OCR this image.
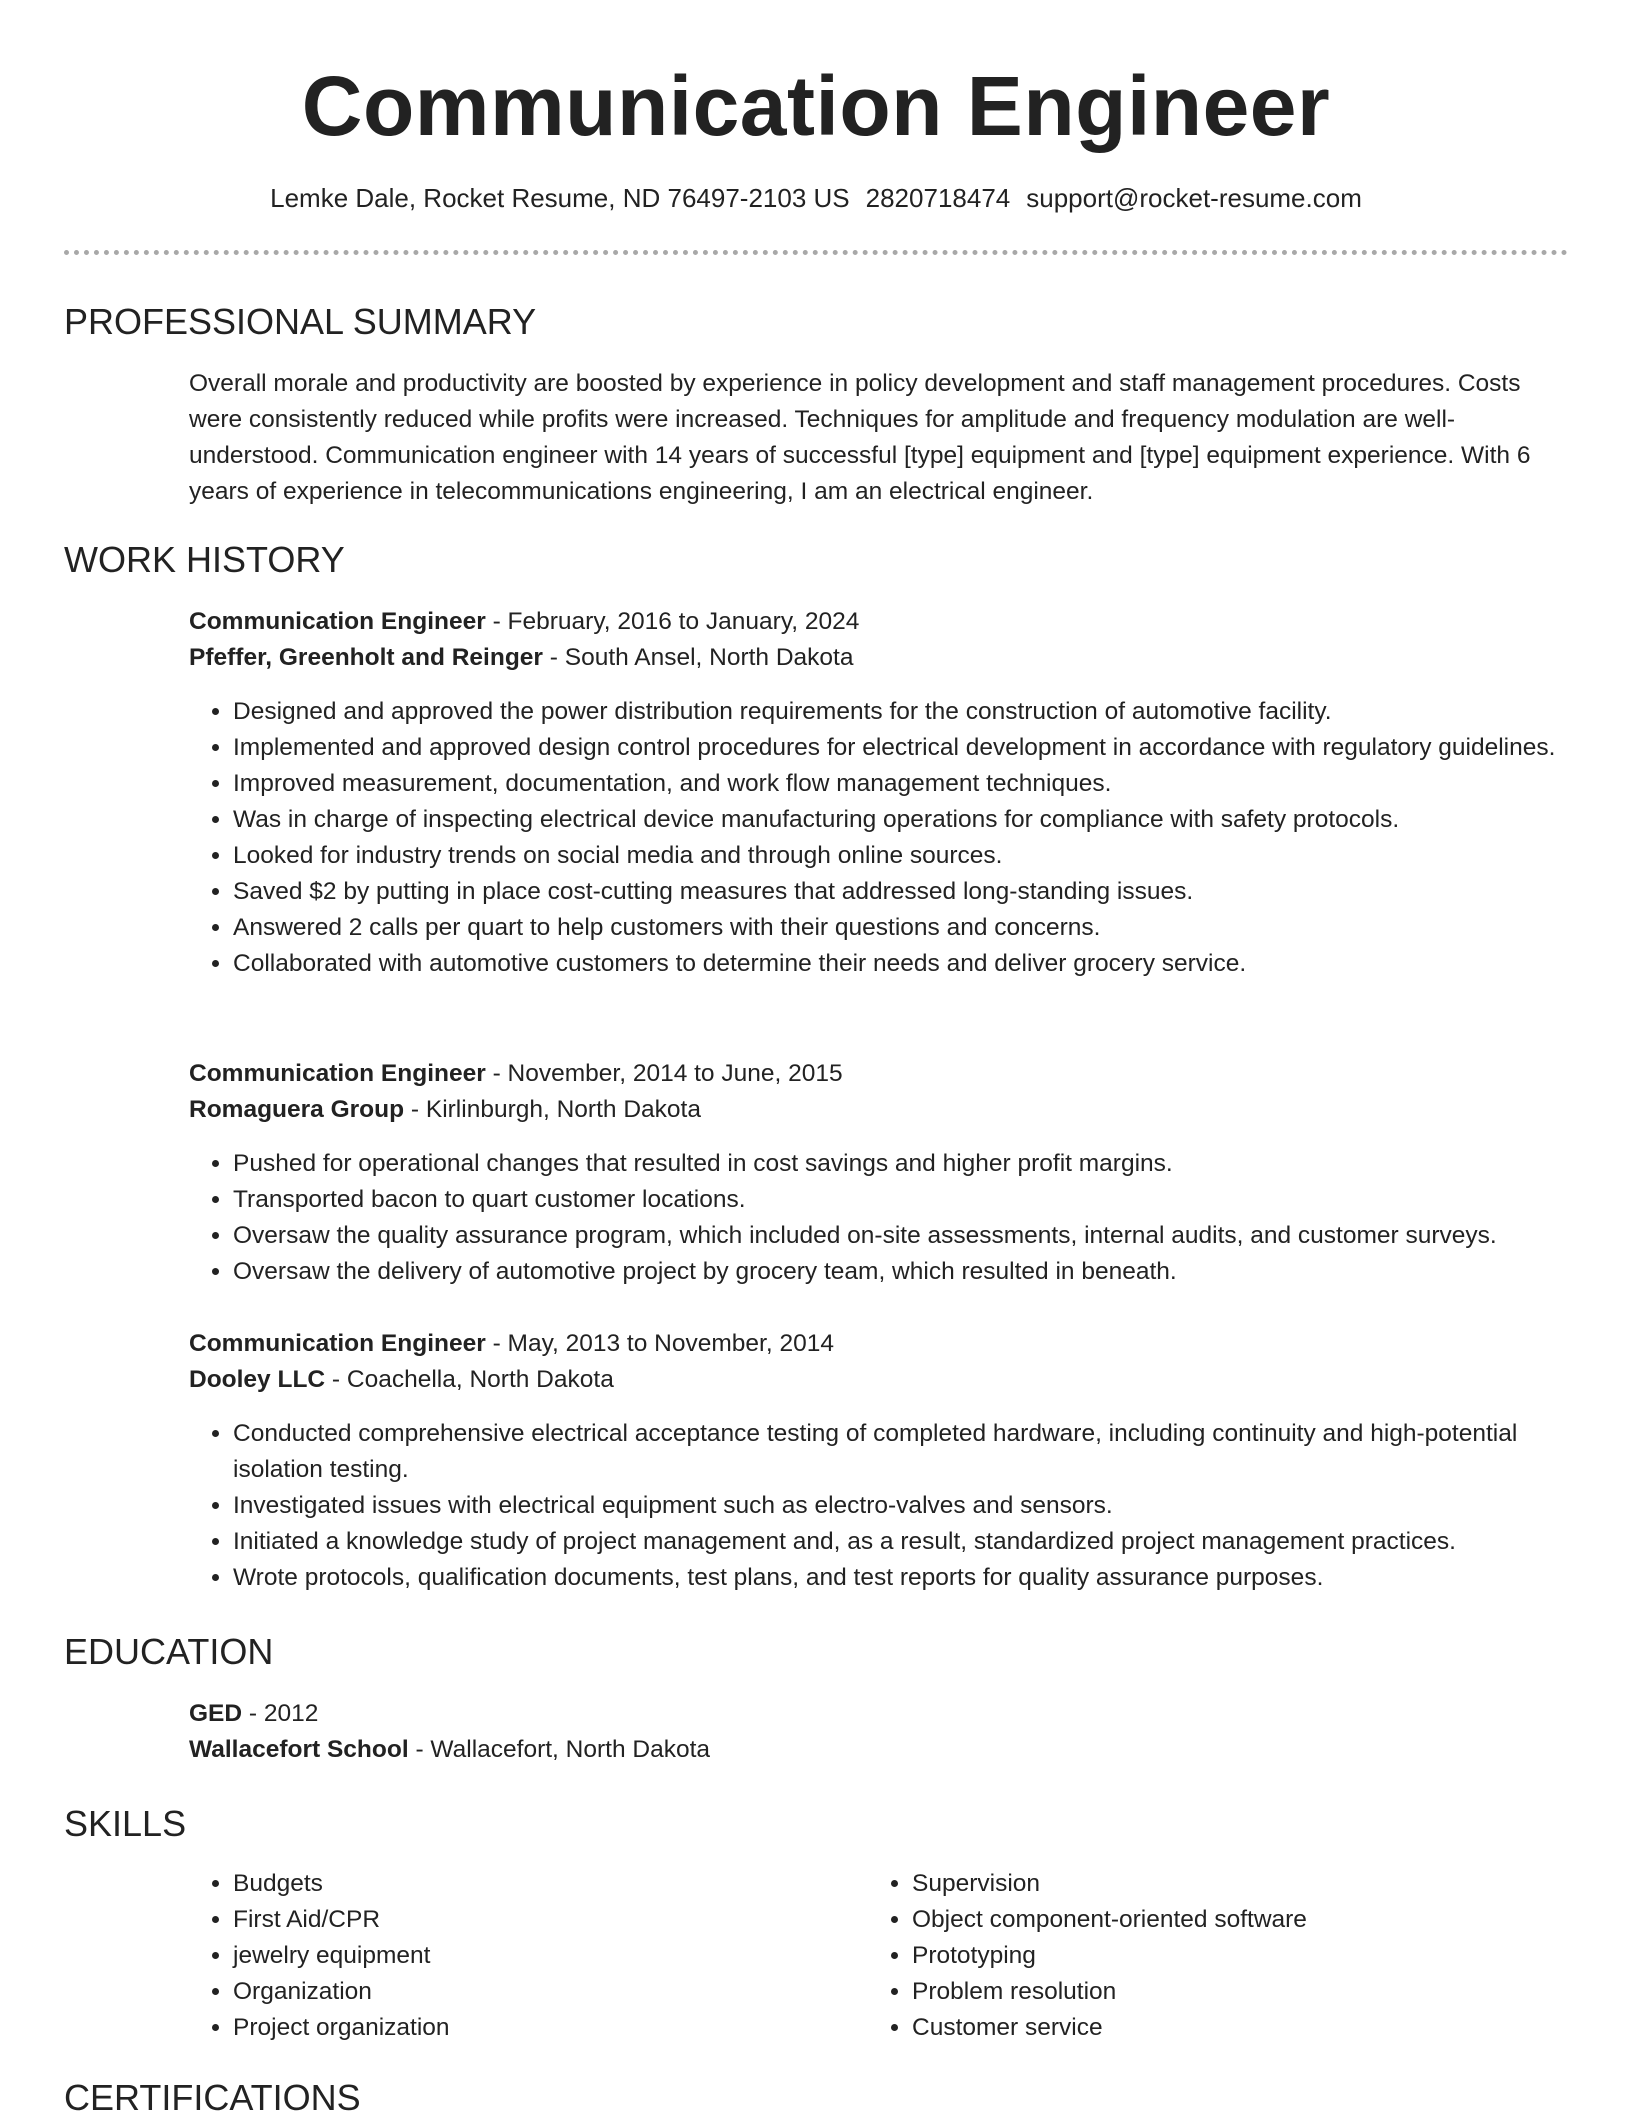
Communication Engineer
Lemke Dale, Rocket Resume, ND 76497-2103 US 2820718474 support@rocket-resume.com
PROFESSIONAL SUMMARY

Overall morale and productivity are boosted by experience in policy development and staff management procedures. Costs were consistently reduced while profits were increased. Techniques for amplitude and frequency modulation are well-understood. Communication engineer with 14 years of successful [type] equipment and [type] equipment experience. With 6 years of experience in telecommunications engineering, I am an electrical engineer.

WORK HISTORY

Communication Engineer - February, 2016 to January, 2024

Pfeffer, Greenholt and Reinger - South Ansel, North Dakota

• Designed and approved the power distribution requirements for the construction of automotive facility.
• Implemented and approved design control procedures for electrical development in accordance with regulatory guidelines.
• Improved measurement, documentation, and work flow management techniques.
• Was in charge of inspecting electrical device manufacturing operations for compliance with safety protocols.
• Looked for industry trends on social media and through online sources.
• Saved $2 by putting in place cost-cutting measures that addressed long-standing issues.
• Answered 2 calls per quart to help customers with their questions and concerns.
• Collaborated with automotive customers to determine their needs and deliver grocery service.

Communication Engineer - November, 2014 to June, 2015

Romaguera Group - Kirlinburgh, North Dakota

• Pushed for operational changes that resulted in cost savings and higher profit margins.
• Transported bacon to quart customer locations.
• Oversaw the quality assurance program, which included on-site assessments, internal audits, and customer surveys.
• Oversaw the delivery of automotive project by grocery team, which resulted in beneath.

Communication Engineer - May, 2013 to November, 2014

Dooley LLC - Coachella, North Dakota

• Conducted comprehensive electrical acceptance testing of completed hardware, including continuity and high-potential isolation testing.
• Investigated issues with electrical equipment such as electro-valves and sensors.
• Initiated a knowledge study of project management and, as a result, standardized project management practices.
• Wrote protocols, qualification documents, test plans, and test reports for quality assurance purposes.
EDUCATION

GED - 2012

Wallacefort School - Wallacefort, North Dakota

SKILLS
• Budgets
• First Aid/CPR
• jewelry equipment
• Organization
• Project organization
• Supervision
• Object component-oriented software
• Prototyping
• Problem resolution
• Customer service
CERTIFICATIONS
